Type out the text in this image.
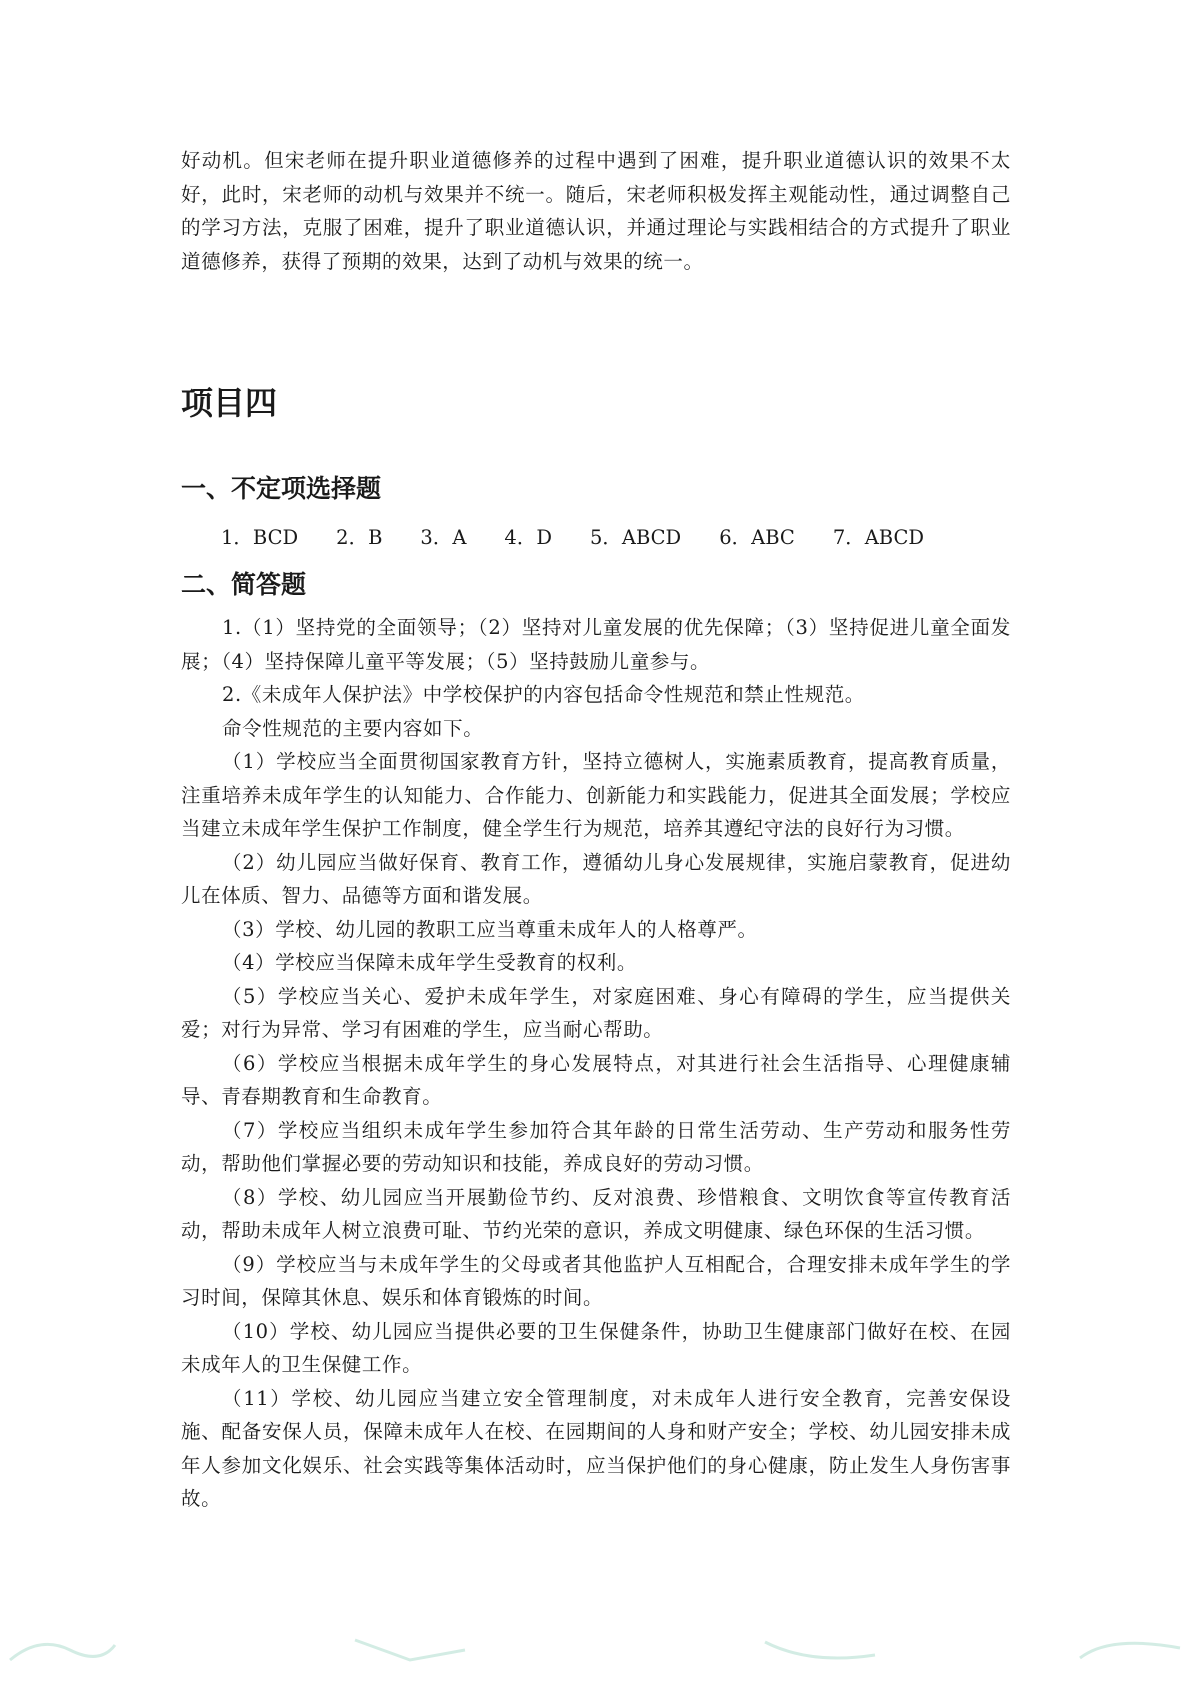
好动机。但宋老师在提升职业道德修养的过程中遇到了困难，提升职业道德认识的效果不太好，此时，宋老师的动机与效果并不统一。随后，宋老师积极发挥主观能动性，通过调整自己的学习方法，克服了困难，提升了职业道德认识，并通过理论与实践相结合的方式提升了职业道德修养，获得了预期的效果，达到了动机与效果的统一。

项目四
一、不定项选择题
1．BCD 2．B 3．A 4．D 5．ABCD 6．ABC 7．ABCD
二、简答题

1.（1）坚持党的全面领导；（2）坚持对儿童发展的优先保障；（3）坚持促进儿童全面发展；（4）坚持保障儿童平等发展；（5）坚持鼓励儿童参与。

2.《未成年人保护法》中学校保护的内容包括命令性规范和禁止性规范。

命令性规范的主要内容如下。

（1）学校应当全面贯彻国家教育方针，坚持立德树人，实施素质教育，提高教育质量，注重培养未成年学生的认知能力、合作能力、创新能力和实践能力，促进其全面发展；学校应当建立未成年学生保护工作制度，健全学生行为规范，培养其遵纪守法的良好行为习惯。

（2）幼儿园应当做好保育、教育工作，遵循幼儿身心发展规律，实施启蒙教育，促进幼儿在体质、智力、品德等方面和谐发展。

（3）学校、幼儿园的教职工应当尊重未成年人的人格尊严。

（4）学校应当保障未成年学生受教育的权利。

（5）学校应当关心、爱护未成年学生，对家庭困难、身心有障碍的学生，应当提供关爱；对行为异常、学习有困难的学生，应当耐心帮助。

（6）学校应当根据未成年学生的身心发展特点，对其进行社会生活指导、心理健康辅导、青春期教育和生命教育。

（7）学校应当组织未成年学生参加符合其年龄的日常生活劳动、生产劳动和服务性劳动，帮助他们掌握必要的劳动知识和技能，养成良好的劳动习惯。

（8）学校、幼儿园应当开展勤俭节约、反对浪费、珍惜粮食、文明饮食等宣传教育活动，帮助未成年人树立浪费可耻、节约光荣的意识，养成文明健康、绿色环保的生活习惯。

（9）学校应当与未成年学生的父母或者其他监护人互相配合，合理安排未成年学生的学习时间，保障其休息、娱乐和体育锻炼的时间。

（10）学校、幼儿园应当提供必要的卫生保健条件，协助卫生健康部门做好在校、在园未成年人的卫生保健工作。

（11）学校、幼儿园应当建立安全管理制度，对未成年人进行安全教育，完善安保设施、配备安保人员，保障未成年人在校、在园期间的人身和财产安全；学校、幼儿园安排未成年人参加文化娱乐、社会实践等集体活动时，应当保护他们的身心健康，防止发生人身伤害事故。
